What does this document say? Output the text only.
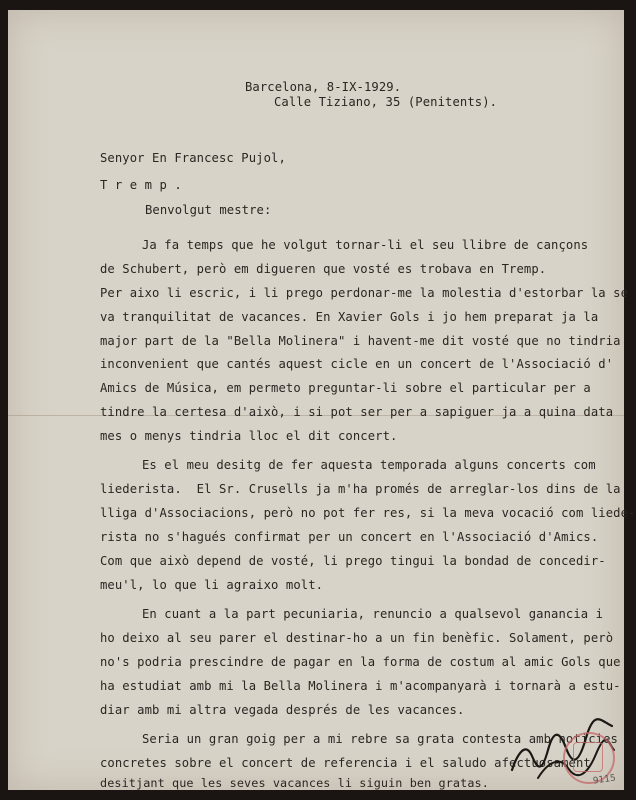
Barcelona, 8-IX-1929.
Calle Tiziano, 35 (Penitents).
Senyor En Francesc Pujol,
T r e m p .
Benvolgut mestre:
Ja fa temps que he volgut tornar-li el seu llibre de cançons
de Schubert, però em digueren que vosté es trobava en Tremp.
Per aixo li escric, i li prego perdonar-me la molestia d'estorbar la se
va tranquilitat de vacances. En Xavier Gols i jo hem preparat ja la
major part de la "Bella Molinera" i havent-me dit vosté que no tindria
inconvenient que cantés aquest cicle en un concert de l'Associació d'
Amics de Música, em permeto preguntar-li sobre el particular per a
tindre la certesa d'això, i si pot ser per a sapiguer ja a quina data
mes o menys tindria lloc el dit concert.
Es el meu desitg de fer aquesta temporada alguns concerts com
liederista.  El Sr. Crusells ja m'ha promés de arreglar-los dins de la
lliga d'Associacions, però no pot fer res, si la meva vocació com liede-
rista no s'hagués confirmat per un concert en l'Associació d'Amics.
Com que això depend de vosté, li prego tingui la bondad de concedir-
meu'l, lo que li agraixo molt.
En cuant a la part pecuniaria, renuncio a qualsevol ganancia i
ho deixo al seu parer el destinar-ho a un fin benèfic. Solament, però
no's podria prescindre de pagar en la forma de costum al amic Gols que
ha estudiat amb mi la Bella Molinera i m'acompanyarà i tornarà a estu-
diar amb mi altra vegada després de les vacances.
Seria un gran goig per a mi rebre sa grata contesta amb noticies
concretes sobre el concert de referencia i el saludo afectuosament
desitjant que les seves vacances li siguin ben gratas.	9115
